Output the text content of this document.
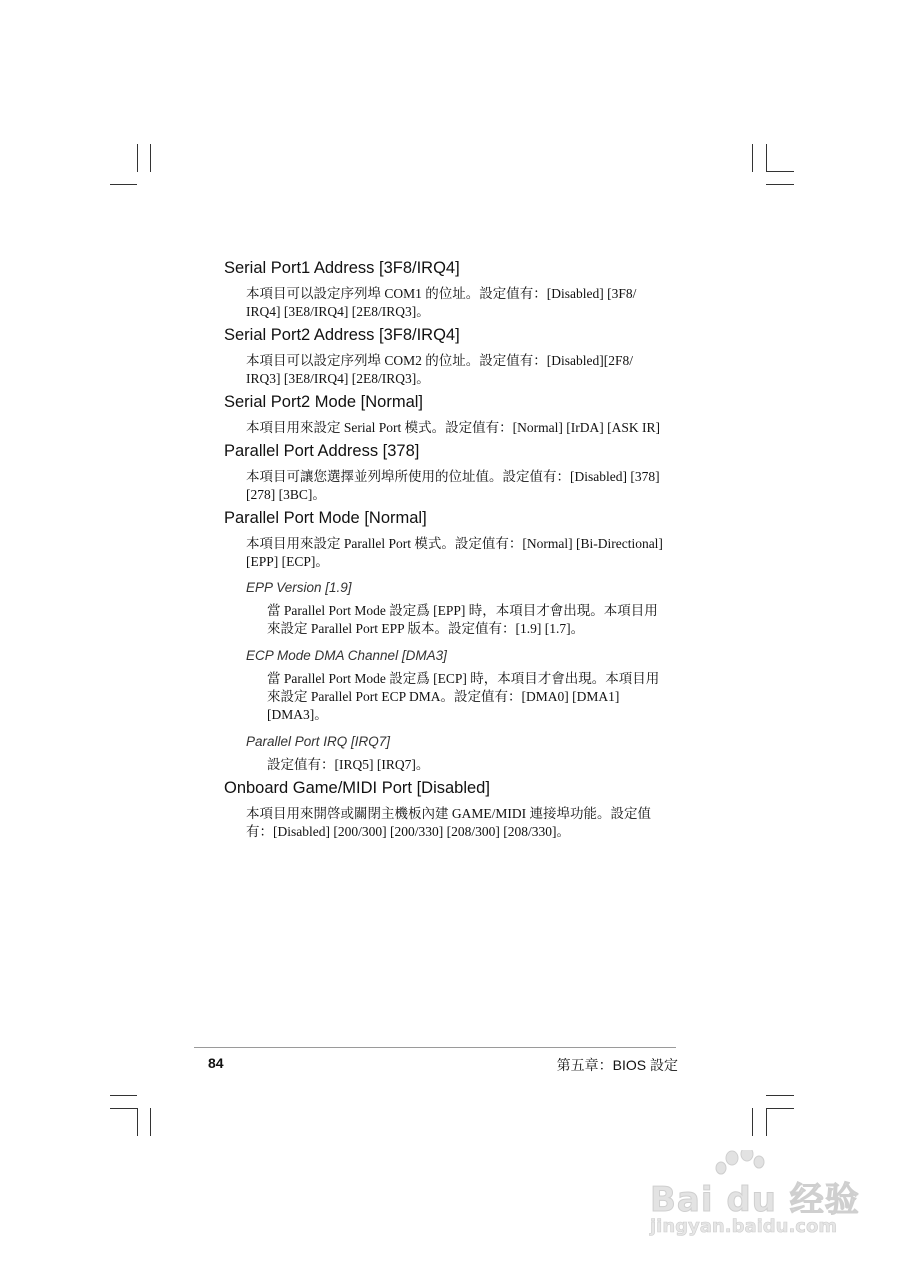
Serial Port1 Address [3F8/IRQ4]
本項目可以設定序列埠 COM1 的位址。設定值有：[Disabled] [3F8/
IRQ4] [3E8/IRQ4] [2E8/IRQ3]。
Serial Port2 Address [3F8/IRQ4]
本項目可以設定序列埠 COM2 的位址。設定值有：[Disabled][2F8/
IRQ3] [3E8/IRQ4] [2E8/IRQ3]。
Serial Port2 Mode [Normal]
本項目用來設定 Serial Port 模式。設定值有：[Normal] [IrDA] [ASK IR]
Parallel Port Address [378]
本項目可讓您選擇並列埠所使用的位址值。設定值有：[Disabled] [378]
[278] [3BC]。
Parallel Port Mode [Normal]
本項目用來設定 Parallel Port 模式。設定值有：[Normal] [Bi-Directional]
[EPP] [ECP]。
EPP Version [1.9]
當 Parallel Port Mode 設定爲 [EPP] 時，本項目才會出現。本項目用
來設定 Parallel Port EPP 版本。設定值有：[1.9] [1.7]。
ECP Mode DMA Channel [DMA3]
當 Parallel Port Mode 設定爲 [ECP] 時，本項目才會出現。本項目用
來設定 Parallel Port ECP DMA。設定值有：[DMA0] [DMA1]
[DMA3]。
Parallel Port IRQ [IRQ7]
設定值有：[IRQ5] [IRQ7]。
Onboard Game/MIDI Port [Disabled]
本項目用來開啓或關閉主機板內建 GAME/MIDI 連接埠功能。設定值
有：[Disabled] [200/300] [200/330] [208/300] [208/330]。
84	第五章：BIOS 設定
Bai du 经验
jingyan.baidu.com
